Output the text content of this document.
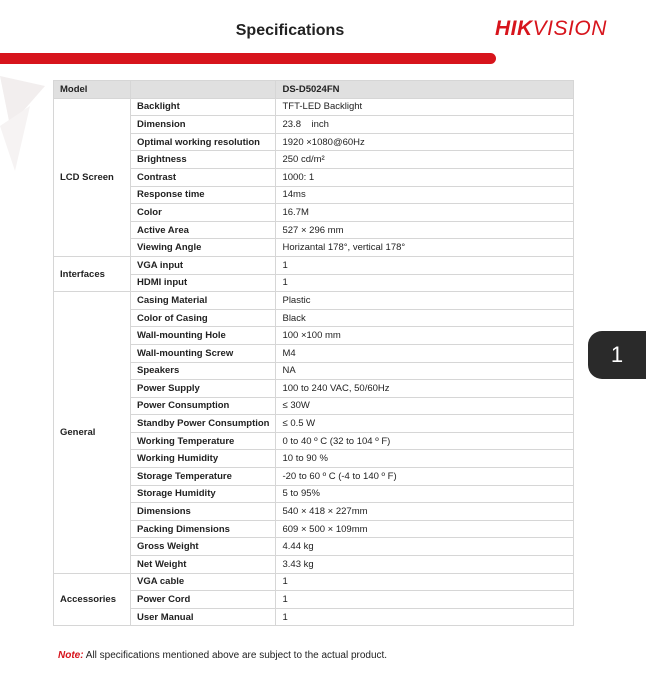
Specifications	HIKVISION
Model		DS-D5024FN
LCD Screen	Backlight	TFT-LED Backlight
	Dimension	23.8    inch
	Optimal working resolution	1920 ×1080@60Hz
	Brightness	250 cd/m²
	Contrast	1000: 1
	Response time	14ms
	Color	16.7M
	Active Area	527 × 296 mm
	Viewing Angle	Horizantal 178°, vertical 178°
Interfaces	VGA input	1
	HDMI input	1
General	Casing Material	Plastic
	Color of Casing	Black
	Wall-mounting Hole	100 ×100 mm
	Wall-mounting Screw	M4
	Speakers	NA
	Power Supply	100 to 240 VAC, 50/60Hz
	Power Consumption	≤ 30W
	Standby Power Consumption	≤ 0.5 W
	Working Temperature	0 to 40 º C (32 to 104 º F)
	Working Humidity	10 to 90 %
	Storage Temperature	-20 to 60 º C (-4 to 140 º F)
	Storage Humidity	5 to 95%
	Dimensions	540 × 418 × 227mm
	Packing Dimensions	609 × 500 × 109mm
	Gross Weight	4.44 kg
	Net Weight	3.43 kg
Accessories	VGA cable	1
	Power Cord	1
	User Manual	1
Note: All specifications mentioned above are subject to the actual product.
1
